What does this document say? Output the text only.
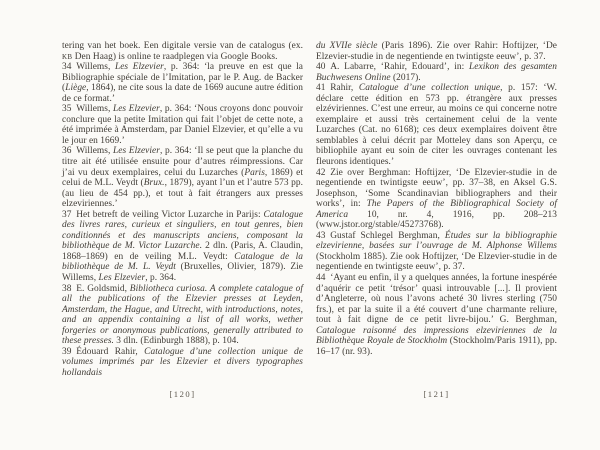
tering van het boek. Een digitale versie van de catalogus (ex. kb Den Haag) is online te raadplegen via Google Books.

34 Willems, Les Elzevier, p. 364: ‘la preuve en est que la Bibliographie spéciale de l’Imitation, par le P. Aug. de Backer (Liège, 1864), ne cite sous la date de 1669 aucune autre édition de ce format.’

35 Willems, Les Elzevier, p. 364: ‘Nous croyons donc pouvoir conclure que la petite Imitation qui fait l’objet de cette note, a été imprimée à Amsterdam, par Daniel Elzevier, et qu’elle a vu le jour en 1669.’

36 Willems, Les Elzevier, p. 364: ‘Il se peut que la planche du titre ait été utilisée ensuite pour d’autres réimpressions. Car j’ai vu deux exemplaires, celui du Luzarches (Paris, 1869) et celui de M.L. Veydt (Brux., 1879), ayant l’un et l’autre 573 pp. (au lieu de 454 pp.), et tout à fait étrangers aux presses elzeviriennes.’

37 Het betreft de veiling Victor Luzarche in Parijs: Catalogue des livres rares, curieux et singuliers, en tout genres, bien conditionnés et des manuscripts anciens, composant la bibliothèque de M. Victor Luzarche. 2 dln. (Paris, A. Claudin, 1868–1869) en de veiling M.L. Veydt: Catalogue de la bibliothèque de M. L. Veydt (Bruxelles, Olivier, 1879). Zie Willems, Les Elzevier, p. 364.

38 E. Goldsmid, Bibliotheca curiosa. A complete catalogue of all the publications of the Elzevier presses at Leyden, Amsterdam, the Hague, and Utrecht, with introductions, notes, and an appendix containing a list of all works, wether forgeries or anonymous publications, generally attributed to these presses. 3 dln. (Edinburgh 1888), p. 104.

39 Édouard Rahir, Catalogue d’une collection unique de volumes imprimés par les Elzevier et divers typographes hollandais

du XVIIe siècle (Paris 1896). Zie over Rahir: Hoftijzer, ‘De Elzevier-studie in de negentiende en twintigste eeuw’, p. 37.

40 A. Labarre, ‘Rahir, Edouard’, in: Lexikon des gesamten Buchwesens Online (2017).

41 Rahir, Catalogue d’une collection unique, p. 157: ‘W. déclare cette édition en 573 pp. étrangère aux presses elzéviriennes. C’est une erreur, au moins ce qui concerne notre exemplaire et aussi très certainement celui de la vente Luzarches (Cat. no 6168); ces deux exemplaires doivent être semblables à celui décrit par Motteley dans son Aperçu, ce bibliophile ayant eu soin de citer les ouvrages contenant les fleurons identiques.’

42 Zie over Berghman: Hoftijzer, ‘De Elzevier-studie in de negentiende en twintigste eeuw’, pp. 37–38, en Aksel G.S. Josephson, ‘Some Scandinavian bibliographers and their works’, in: The Papers of the Bibliographical Society of America 10, nr. 4, 1916, pp. 208–213 (www.jstor.org/stable/45273768).

43 Gustaf Schlegel Berghman, Études sur la bibliographie elzevirienne, basées sur l’ouvrage de M. Alphonse Willems (Stockholm 1885). Zie ook Hoftijzer, ‘De Elzevier-studie in de negentiende en twintigste eeuw’, p. 37.

44 ‘Ayant eu enfin, il y a quelques années, la fortune inespérée d’aquérir ce petit ‘trésor’ quasi introuvable [...]. Il provient d’Angleterre, où nous l’avons acheté 30 livres sterling (750 frs.), et par la suite il a été couvert d’une charmante reliure, tout à fait digne de ce petit livre-bijou.’ G. Berghman, Catalogue raisonné des impressions elzeviriennes de la Bibliothèque Royale de Stockholm (Stockholm/Paris 1911), pp. 16–17 (nr. 93).

[120]	[121]
